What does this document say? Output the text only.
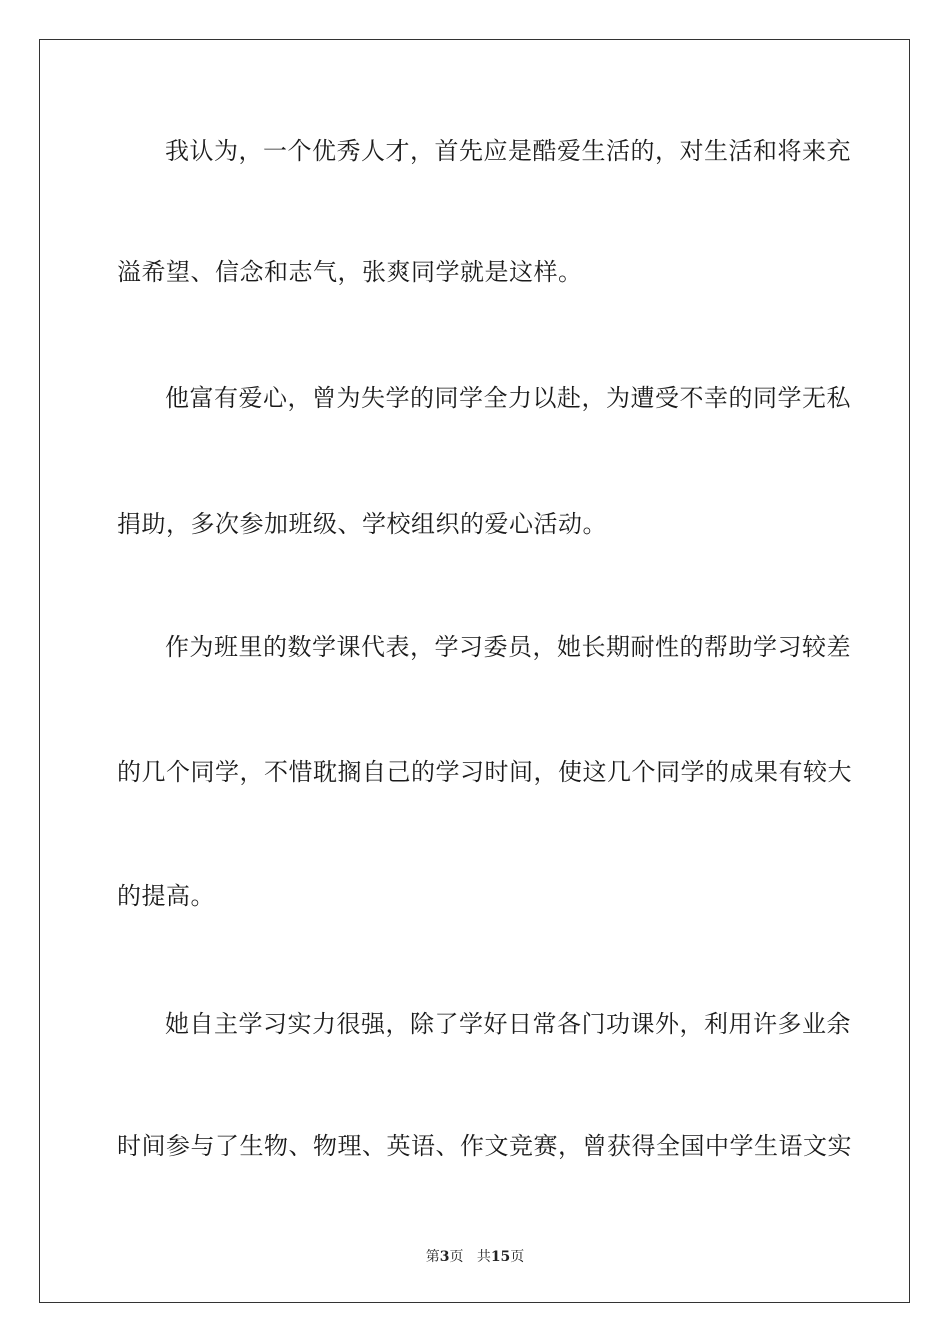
我认为，一个优秀人才，首先应是酷爱生活的，对生活和将来充
溢希望、信念和志气，张爽同学就是这样。
他富有爱心，曾为失学的同学全力以赴，为遭受不幸的同学无私
捐助，多次参加班级、学校组织的爱心活动。
作为班里的数学课代表，学习委员，她长期耐性的帮助学习较差
的几个同学，不惜耽搁自己的学习时间，使这几个同学的成果有较大
的提高。
她自主学习实力很强，除了学好日常各门功课外，利用许多业余
时间参与了生物、物理、英语、作文竞赛，曾获得全国中学生语文实
第3页 共15页
